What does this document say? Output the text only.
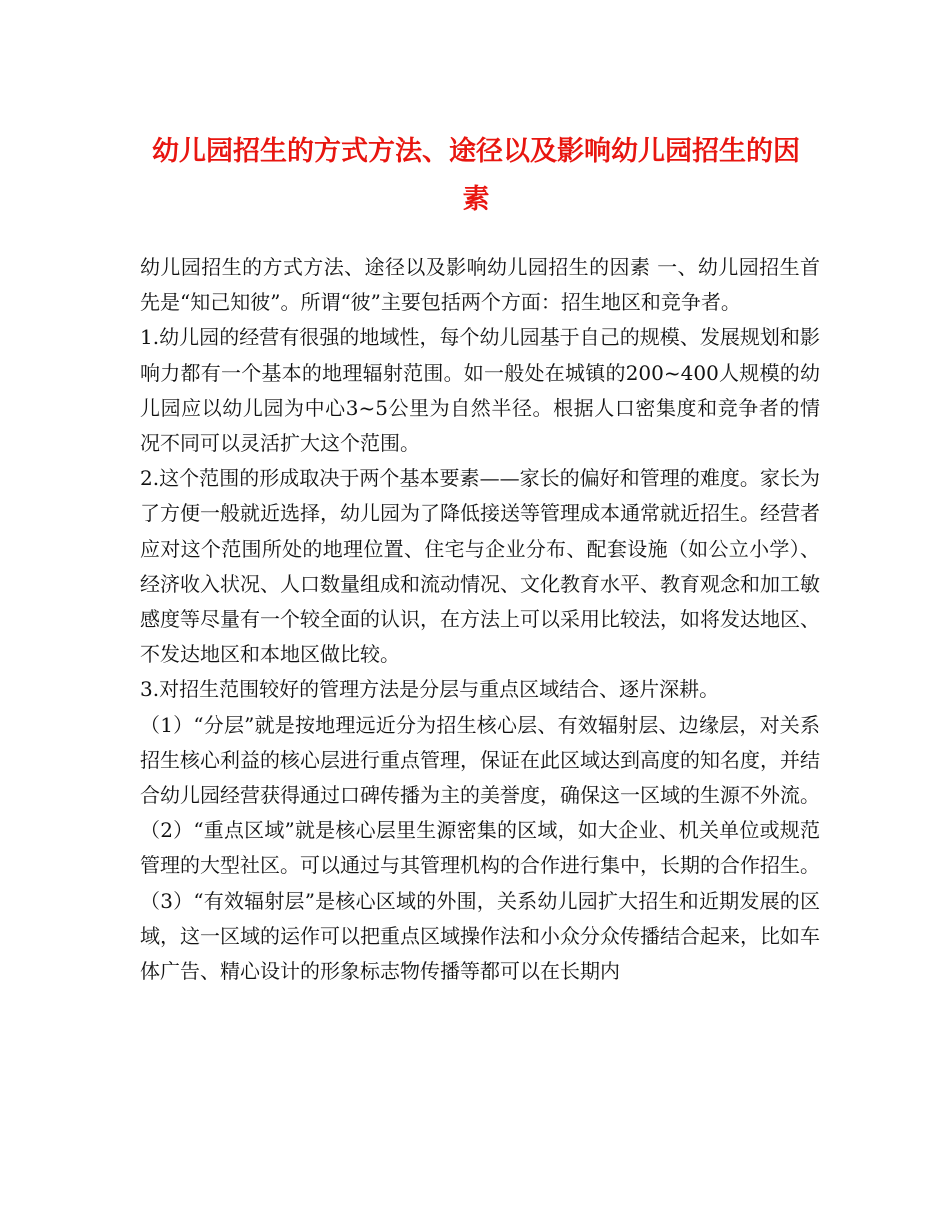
幼儿园招生的方式方法、途径以及影响幼儿园招生的因素

幼儿园招生的方式方法、途径以及影响幼儿园招生的因素 一、幼儿园招生首先是“知己知彼”。所谓“彼”主要包括两个方面：招生地区和竞争者。

1.幼儿园的经营有很强的地域性，每个幼儿园基于自己的规模、发展规划和影响力都有一个基本的地理辐射范围。如一般处在城镇的200~400人规模的幼儿园应以幼儿园为中心3~5公里为自然半径。根据人口密集度和竞争者的情况不同可以灵活扩大这个范围。

2.这个范围的形成取决于两个基本要素——家长的偏好和管理的难度。家长为了方便一般就近选择，幼儿园为了降低接送等管理成本通常就近招生。经营者应对这个范围所处的地理位置、住宅与企业分布、配套设施（如公立小学）、经济收入状况、人口数量组成和流动情况、文化教育水平、教育观念和加工敏感度等尽量有一个较全面的认识，在方法上可以采用比较法，如将发达地区、不发达地区和本地区做比较。

3.对招生范围较好的管理方法是分层与重点区域结合、逐片深耕。

（1）“分层”就是按地理远近分为招生核心层、有效辐射层、边缘层，对关系招生核心利益的核心层进行重点管理，保证在此区域达到高度的知名度，并结合幼儿园经营获得通过口碑传播为主的美誉度，确保这一区域的生源不外流。

（2）“重点区域”就是核心层里生源密集的区域，如大企业、机关单位或规范管理的大型社区。可以通过与其管理机构的合作进行集中，长期的合作招生。

（3）“有效辐射层”是核心区域的外围，关系幼儿园扩大招生和近期发展的区域，这一区域的运作可以把重点区域操作法和小众分众传播结合起来，比如车体广告、精心设计的形象标志物传播等都可以在长期内
